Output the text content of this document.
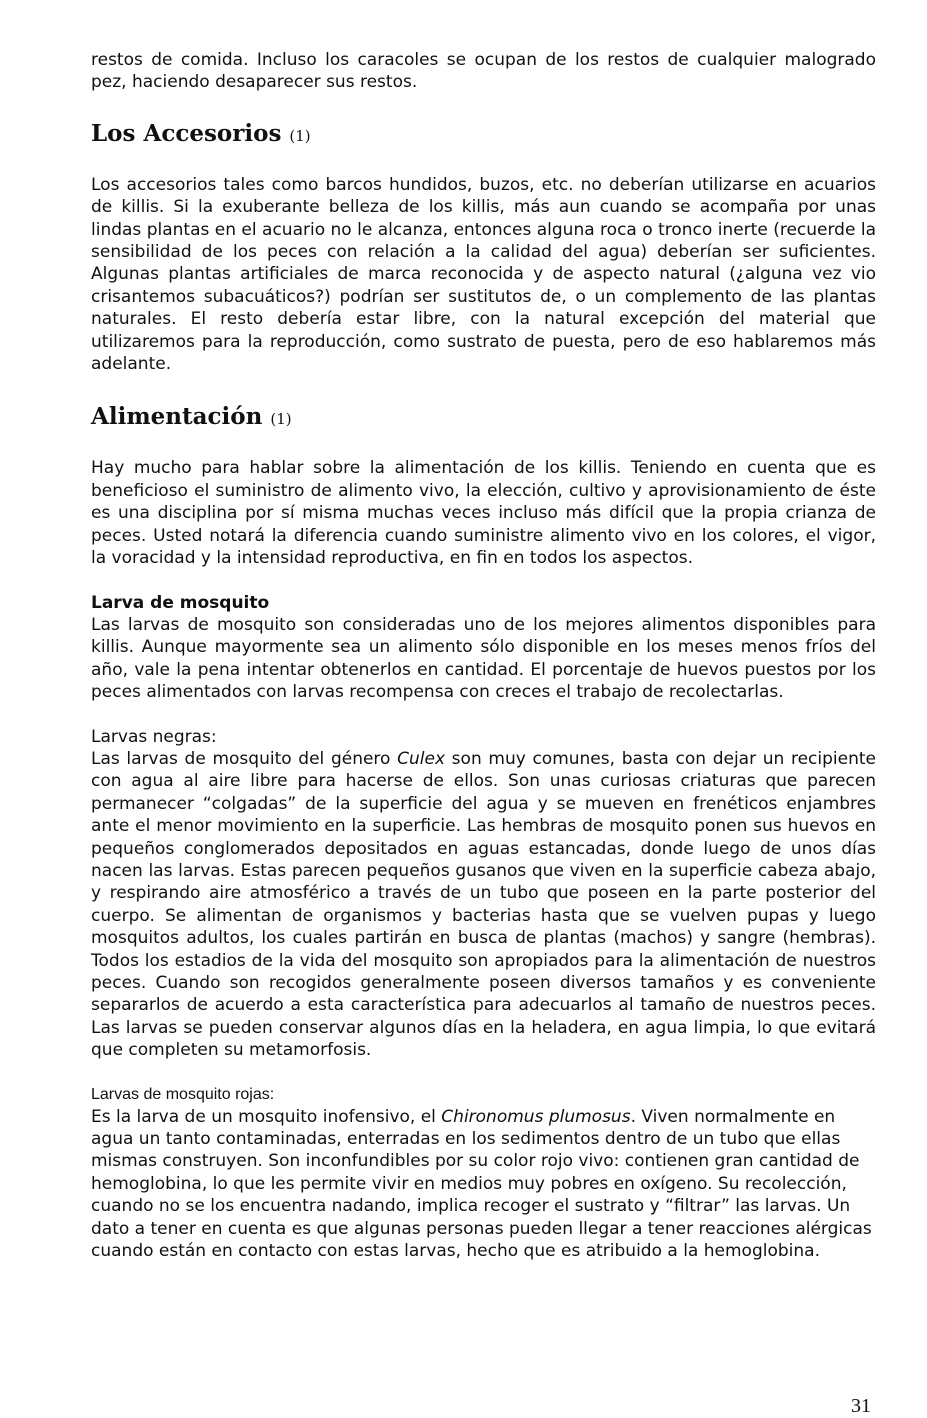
restos de comida. Incluso los caracoles se ocupan de los restos de cualquier malogrado pez, haciendo desaparecer sus restos.

Los Accesorios (1)

Los accesorios tales como barcos hundidos, buzos, etc. no deberían utilizarse en acuarios de killis. Si la exuberante belleza de los killis, más aun cuando se acompaña por unas lindas plantas en el acuario no le alcanza, entonces alguna roca o tronco inerte (recuerde la sensibilidad de los peces con relación a la calidad del agua) deberían ser suficientes. Algunas plantas artificiales de marca reconocida y de aspecto natural (¿alguna vez vio crisantemos subacuáticos?) podrían ser sustitutos de, o un complemento de las plantas naturales. El resto debería estar libre, con la natural excepción del material que utilizaremos para la reproducción, como sustrato de puesta, pero de eso hablaremos más adelante.

Alimentación (1)

Hay mucho para hablar sobre la alimentación de los killis. Teniendo en cuenta que es beneficioso el suministro de alimento vivo, la elección, cultivo y aprovisionamiento de éste es una disciplina por sí misma muchas veces incluso más difícil que la propia crianza de peces. Usted notará la diferencia cuando suministre alimento vivo en los colores, el vigor, la voracidad y la intensidad reproductiva, en fin en todos los aspectos.

Larva de mosquito

Las larvas de mosquito son consideradas uno de los mejores alimentos disponibles para killis. Aunque mayormente sea un alimento sólo disponible en los meses menos fríos del año, vale la pena intentar obtenerlos en cantidad. El porcentaje de huevos puestos por los peces alimentados con larvas recompensa con creces el trabajo de recolectarlas.

Larvas negras:

Las larvas de mosquito del género Culex son muy comunes, basta con dejar un recipiente con agua al aire libre para hacerse de ellos. Son unas curiosas criaturas que parecen permanecer “colgadas” de la superficie del agua y se mueven en frenéticos enjambres ante el menor movimiento en la superficie. Las hembras de mosquito ponen sus huevos en pequeños conglomerados depositados en aguas estancadas, donde luego de unos días nacen las larvas. Estas parecen pequeños gusanos que viven en la superficie cabeza abajo, y respirando aire atmosférico a través de un tubo que poseen en la parte posterior del cuerpo. Se alimentan de organismos y bacterias hasta que se vuelven pupas y luego mosquitos adultos, los cuales partirán en busca de plantas (machos) y sangre (hembras). Todos los estadios de la vida del mosquito son apropiados para la alimentación de nuestros peces. Cuando son recogidos generalmente poseen diversos tamaños y es conveniente separarlos de acuerdo a esta característica para adecuarlos al tamaño de nuestros peces. Las larvas se pueden conservar algunos días en la heladera, en agua limpia, lo que evitará que completen su metamorfosis.

Larvas de mosquito rojas:

Es la larva de un mosquito inofensivo, el Chironomus plumosus. Viven normalmente en agua un tanto contaminadas, enterradas en los sedimentos dentro de un tubo que ellas mismas construyen. Son inconfundibles por su color rojo vivo: contienen gran cantidad de hemoglobina, lo que les permite vivir en medios muy pobres en oxígeno. Su recolección, cuando no se los encuentra nadando, implica recoger el sustrato y “filtrar” las larvas. Un dato a tener en cuenta es que algunas personas pueden llegar a tener reacciones alérgicas cuando están en contacto con estas larvas, hecho que es atribuido a la hemoglobina.

31
